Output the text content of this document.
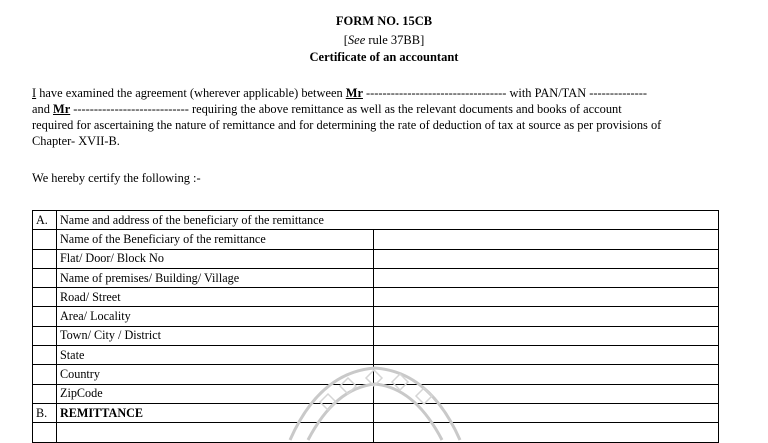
FORM NO. 15CB
[See rule 37BB]
Certificate of an accountant
I have examined the agreement (wherever applicable) between Mr ---------------------------------- with PAN/TAN --------------
and Mr ---------------------------- requiring the above remittance as well as the relevant documents and books of account
required for ascertaining the nature of remittance and for determining the rate of deduction of tax at source as per provisions of
Chapter- XVII-B.
We hereby certify the following :-
A.	Name and address of the beneficiary of the remittance	
	Name of the Beneficiary of the remittance	
	Flat/ Door/ Block No	
	Name of premises/ Building/ Village	
	Road/ Street	
	Area/ Locality	
	Town/ City / District	
	State	
	Country	
	ZipCode	
B.	REMITTANCE	
